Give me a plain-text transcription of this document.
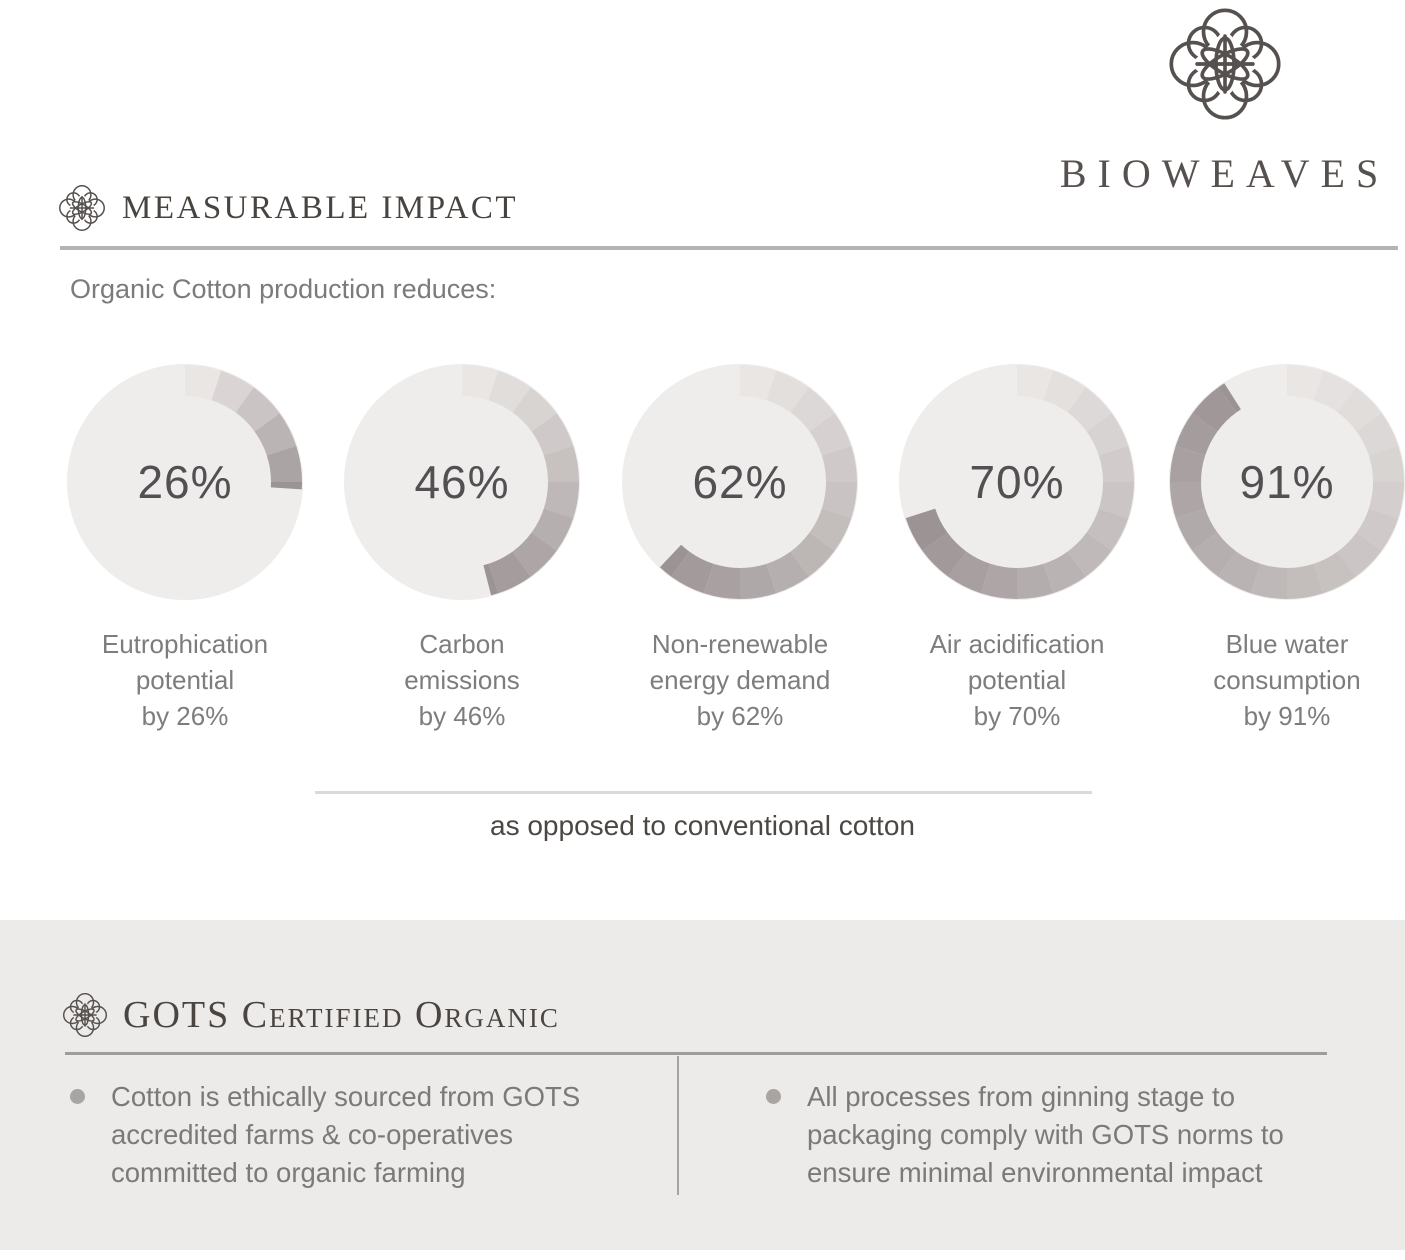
BIOWEAVES
MEASURABLE IMPACT
Organic Cotton production reduces:
26%
Eutrophication
potential
by 26%
46%
Carbon
emissions
by 46%
62%
Non-renewable
energy demand
by 62%
70%
Air acidification
potential
by 70%
91%
Blue water
consumption
by 91%
as opposed to conventional cotton
GOTS Certified Organic
Cotton is ethically sourced from GOTS
accredited farms & co-operatives
committed to organic farming
All processes from ginning stage to
packaging comply with GOTS norms to
ensure minimal environmental impact
